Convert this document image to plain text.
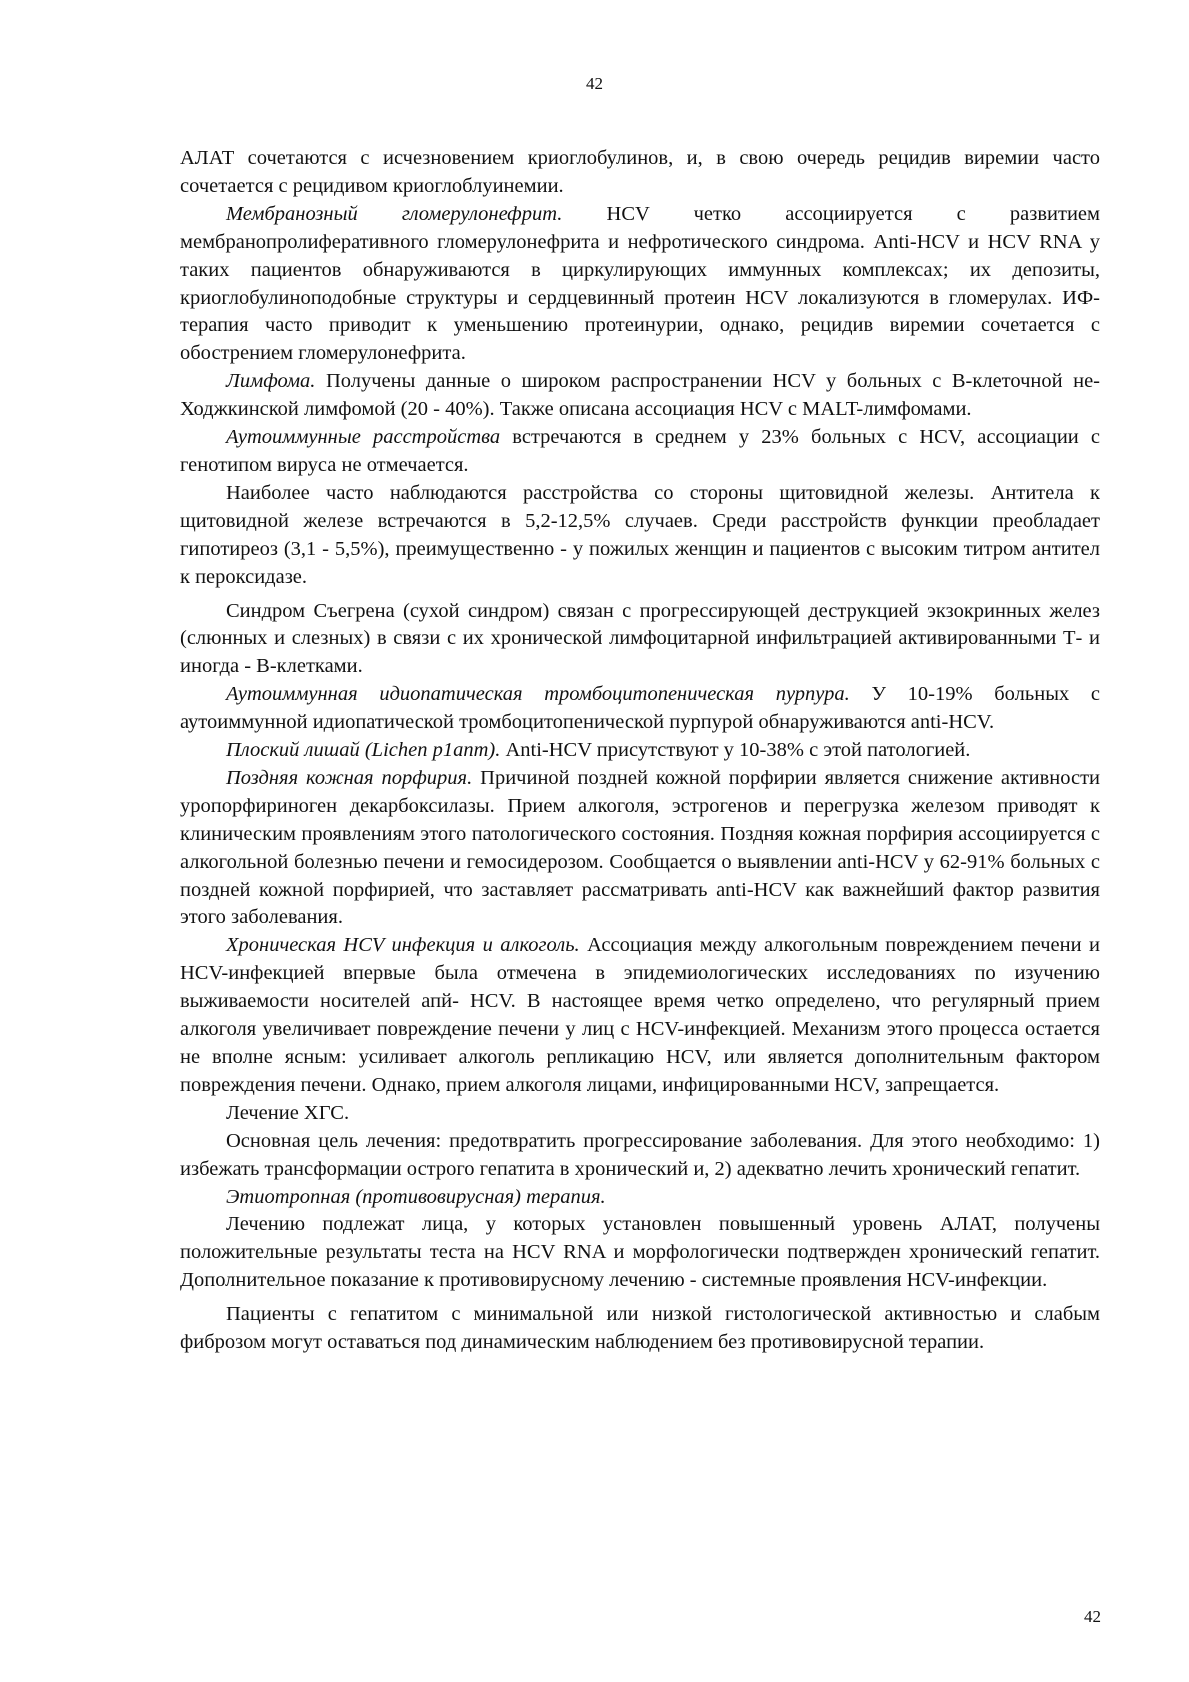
42

АЛАТ сочетаются с исчезновением криоглобулинов, и, в свою очередь рецидив виремии часто сочетается с рецидивом криоглоблуинемии.

Мембранозный гломерулонефрит. HCV четко ассоциируется с развитием мембранопролиферативного гломерулонефрита и нефротического синдрома. Anti-HCV и HCV RNA у таких пациентов обнаруживаются в циркулирующих иммунных комплексах; их депозиты, криоглобулиноподобные структуры и сердцевинный протеин HCV локализуются в гломерулах. ИФ-терапия часто приводит к уменьшению протеинурии, однако, рецидив виремии сочетается с обострением гломерулонефрита.

Лимфома. Получены данные о широком распространении HCV у больных с В-клеточной не-Ходжкинской лимфомой (20 - 40%). Также описана ассоциация HCV с MALT-лимфомами.

Аутоиммунные расстройства встречаются в среднем у 23% больных с HCV, ассоциации с генотипом вируса не отмечается.

Наиболее часто наблюдаются расстройства со стороны щитовидной железы. Антитела к щитовидной железе встречаются в 5,2-12,5% случаев. Среди расстройств функции преобладает гипотиреоз (3,1 - 5,5%), преимущественно - у пожилых женщин и пациентов с высоким титром антител к пероксидазе.

Синдром Съегрена (сухой синдром) связан с прогрессирующей деструкцией экзокринных желез (слюнных и слезных) в связи с их хронической лимфоцитарной инфильтрацией активированными Т- и иногда - В-клетками.

Аутоиммунная идиопатическая тромбоцитопеническая пурпура. У 10-19% больных с аутоиммунной идиопатической тромбоцитопенической пурпурой обнаруживаются anti-HCV.

Плоский лишай (Lichen p1anm). Anti-HCV присутствуют у 10-38% с этой патологией.

Поздняя кожная порфирия. Причиной поздней кожной порфирии является снижение активности уропорфириноген декарбоксилазы. Прием алкоголя, эстрогенов и перегрузка железом приводят к клиническим проявлениям этого патологического состояния. Поздняя кожная порфирия ассоциируется с алкогольной болезнью печени и гемосидерозом. Сообщается о выявлении anti-HCV у 62-91% больных с поздней кожной порфирией, что заставляет рассматривать anti-HCV как важнейший фактор развития этого заболевания.

Хроническая HCV инфекция и алкоголь. Ассоциация между алкогольным повреждением печени и HCV-инфекцией впервые была отмечена в эпидемиологических исследованиях по изучению выживаемости носителей апй- HCV. В настоящее время четко определено, что регулярный прием алкоголя увеличивает повреждение печени у лиц с HCV-инфекцией. Механизм этого процесса остается не вполне ясным: усиливает алкоголь репликацию HCV, или является дополнительным фактором повреждения печени. Однако, прием алкоголя лицами, инфицированными HCV, запрещается.

Лечение ХГС.

Основная цель лечения: предотвратить прогрессирование заболевания. Для этого необходимо: 1) избежать трансформации острого гепатита в хронический и, 2) адекватно лечить хронический гепатит.

Этиотропная (противовирусная) терапия.

Лечению подлежат лица, у которых установлен повышенный уровень АЛАТ, получены положительные результаты теста на HCV RNA и морфологически подтвержден хронический гепатит. Дополнительное показание к противовирусному лечению - системные проявления HCV-инфекции.

Пациенты с гепатитом с минимальной или низкой гистологической активностью и слабым фиброзом могут оставаться под динамическим наблюдением без противовирусной терапии.

42
